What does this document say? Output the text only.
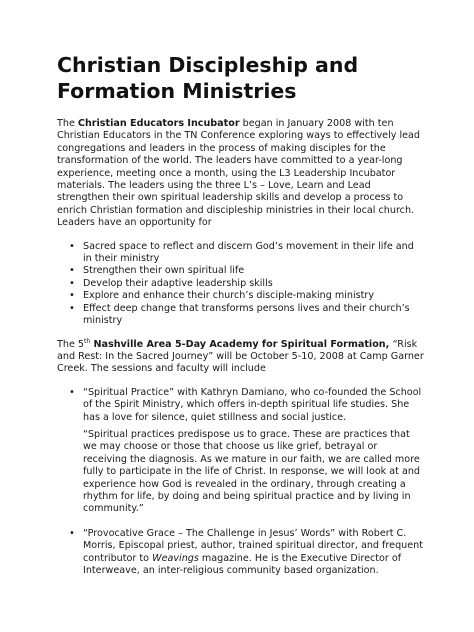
Christian Discipleship and
Formation Ministries

The Christian Educators Incubator began in January 2008 with ten Christian Educators in the TN Conference exploring ways to effectively lead congregations and leaders in the process of making disciples for the transformation of the world. The leaders have committed to a year-long experience, meeting once a month, using the L3 Leadership Incubator materials. The leaders using the three L’s – Love, Learn and Lead strengthen their own spiritual leadership skills and develop a process to enrich Christian formation and discipleship ministries in their local church. Leaders have an opportunity for

• Sacred space to reflect and discern God’s movement in their life and in their ministry
• Strengthen their own spiritual life
• Develop their adaptive leadership skills
• Explore and enhance their church’s disciple-making ministry
• Effect deep change that transforms persons lives and their church’s ministry

The 5th Nashville Area 5-Day Academy for Spiritual Formation, “Risk and Rest: In the Sacred Journey” will be October 5-10, 2008 at Camp Garner Creek. The sessions and faculty will include

• “Spiritual Practice” with Kathryn Damiano, who co-founded the School of the Spirit Ministry, which offers in-depth spiritual life studies. She has a love for silence, quiet stillness and social justice.

“Spiritual practices predispose us to grace. These are practices that we may choose or those that choose us like grief, betrayal or receiving the diagnosis. As we mature in our faith, we are called more fully to participate in the life of Christ. In response, we will look at and experience how God is revealed in the ordinary, through creating a rhythm for life, by doing and being spiritual practice and by living in community.”

• “Provocative Grace – The Challenge in Jesus’ Words” with Robert C. Morris, Episcopal priest, author, trained spiritual director, and frequent contributor to Weavings magazine. He is the Executive Director of Interweave, an inter-religious community based organization.
